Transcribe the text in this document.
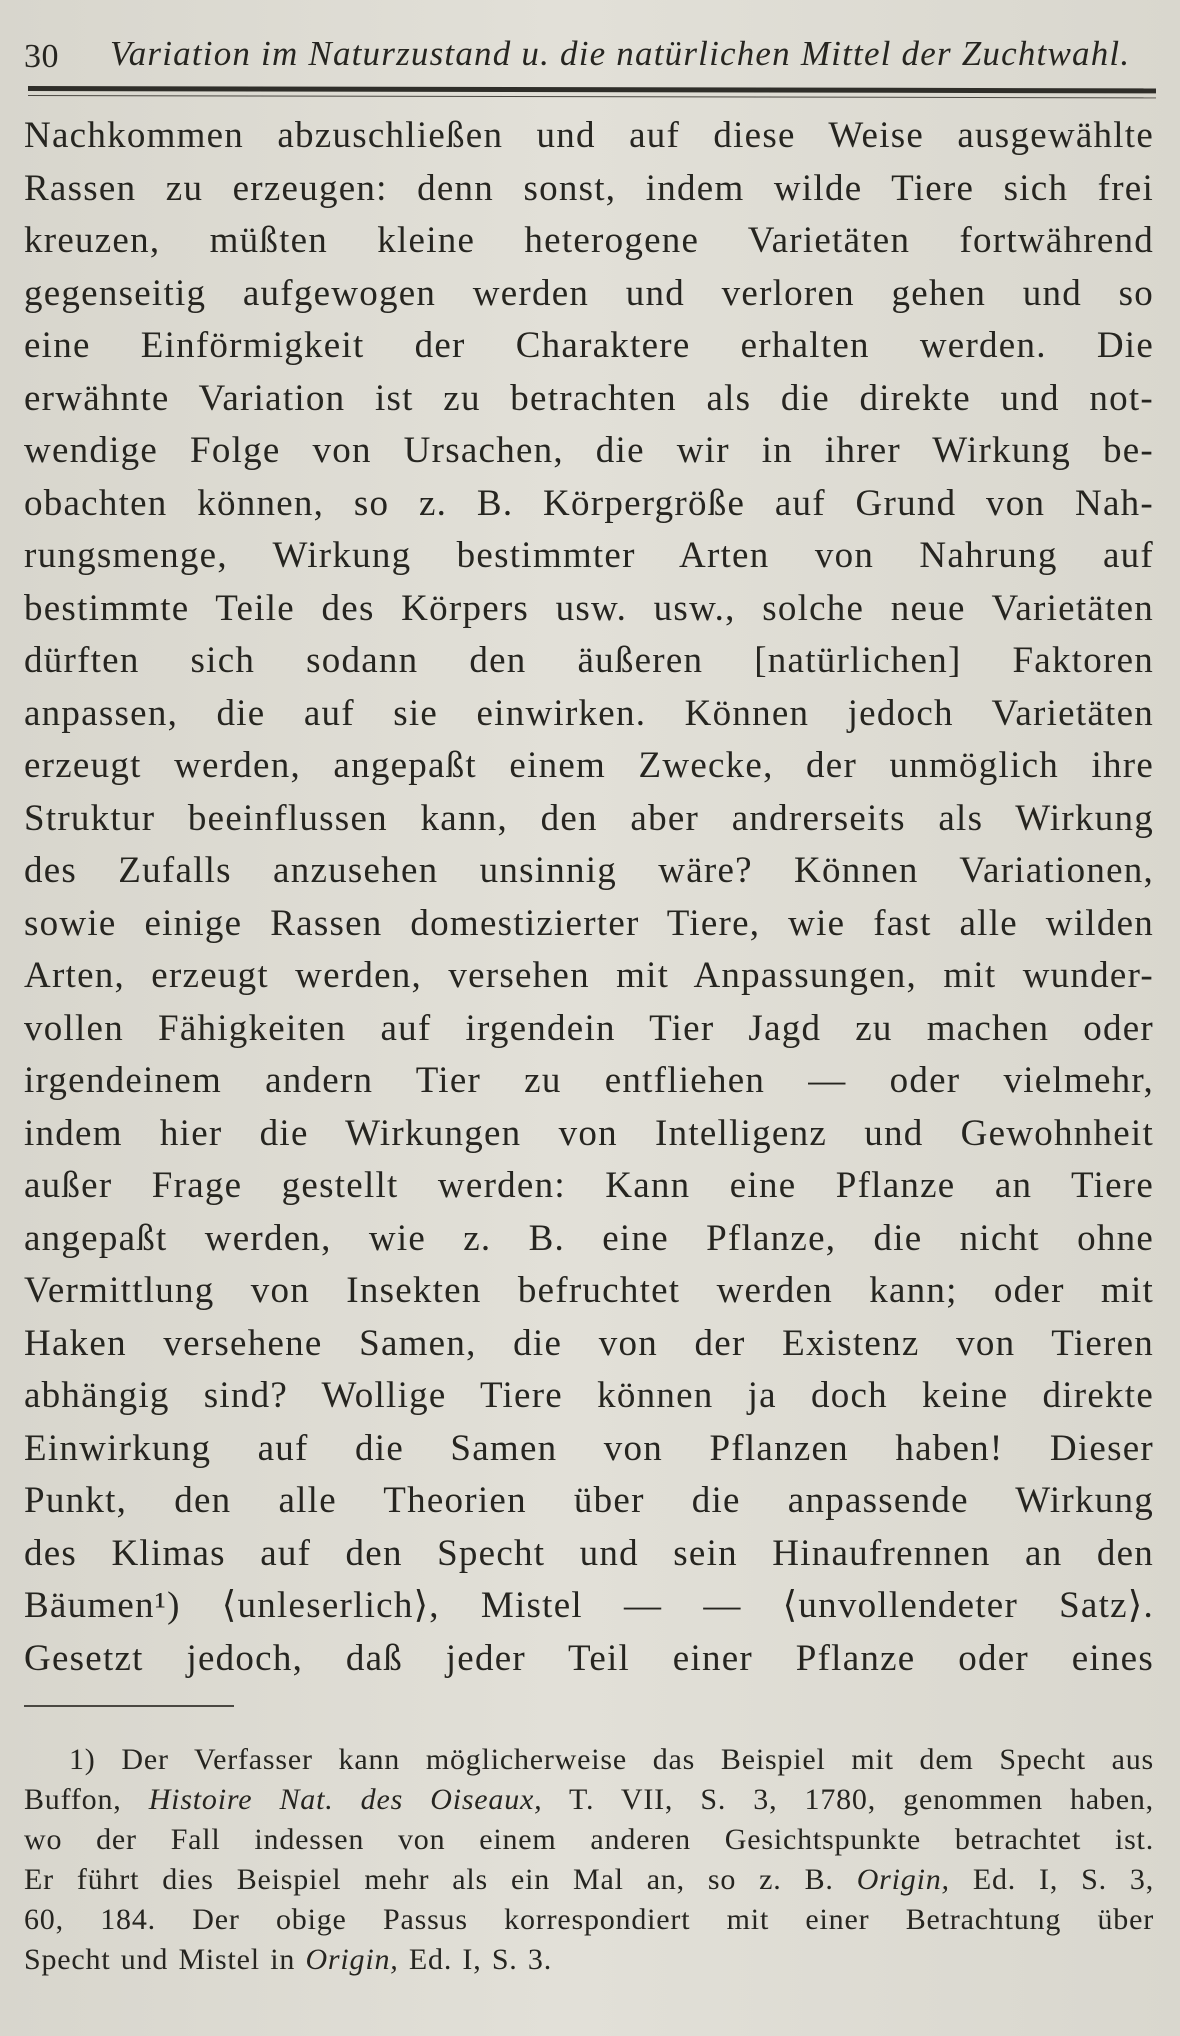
30 Variation im Naturzustand u. die natürlichen Mittel der Zuchtwahl.
Nachkommen abzuschließen und auf diese Weise ausgewählte
Rassen zu erzeugen: denn sonst, indem wilde Tiere sich frei
kreuzen, müßten kleine heterogene Varietäten fortwährend
gegenseitig aufgewogen werden und verloren gehen und so
eine Einförmigkeit der Charaktere erhalten werden. Die
erwähnte Variation ist zu betrachten als die direkte und not-
wendige Folge von Ursachen, die wir in ihrer Wirkung be-
obachten können, so z. B. Körpergröße auf Grund von Nah-
rungsmenge, Wirkung bestimmter Arten von Nahrung auf
bestimmte Teile des Körpers usw. usw., solche neue Varietäten
dürften sich sodann den äußeren [natürlichen] Faktoren
anpassen, die auf sie einwirken. Können jedoch Varietäten
erzeugt werden, angepaßt einem Zwecke, der unmöglich ihre
Struktur beeinflussen kann, den aber andrerseits als Wirkung
des Zufalls anzusehen unsinnig wäre? Können Variationen,
sowie einige Rassen domestizierter Tiere, wie fast alle wilden
Arten, erzeugt werden, versehen mit Anpassungen, mit wunder-
vollen Fähigkeiten auf irgendein Tier Jagd zu machen oder
irgendeinem andern Tier zu entfliehen — oder vielmehr,
indem hier die Wirkungen von Intelligenz und Gewohnheit
außer Frage gestellt werden: Kann eine Pflanze an Tiere
angepaßt werden, wie z. B. eine Pflanze, die nicht ohne
Vermittlung von Insekten befruchtet werden kann; oder mit
Haken versehene Samen, die von der Existenz von Tieren
abhängig sind? Wollige Tiere können ja doch keine direkte
Einwirkung auf die Samen von Pflanzen haben! Dieser
Punkt, den alle Theorien über die anpassende Wirkung
des Klimas auf den Specht und sein Hinaufrennen an den
Bäumen¹) ⟨unleserlich⟩, Mistel — — ⟨unvollendeter Satz⟩.
Gesetzt jedoch, daß jeder Teil einer Pflanze oder eines
1) Der Verfasser kann möglicherweise das Beispiel mit dem Specht aus
Buffon, Histoire Nat. des Oiseaux, T. VII, S. 3, 1780, genommen haben,
wo der Fall indessen von einem anderen Gesichtspunkte betrachtet ist.
Er führt dies Beispiel mehr als ein Mal an, so z. B. Origin, Ed. I, S. 3,
60, 184. Der obige Passus korrespondiert mit einer Betrachtung über
Specht und Mistel in Origin, Ed. I, S. 3.
